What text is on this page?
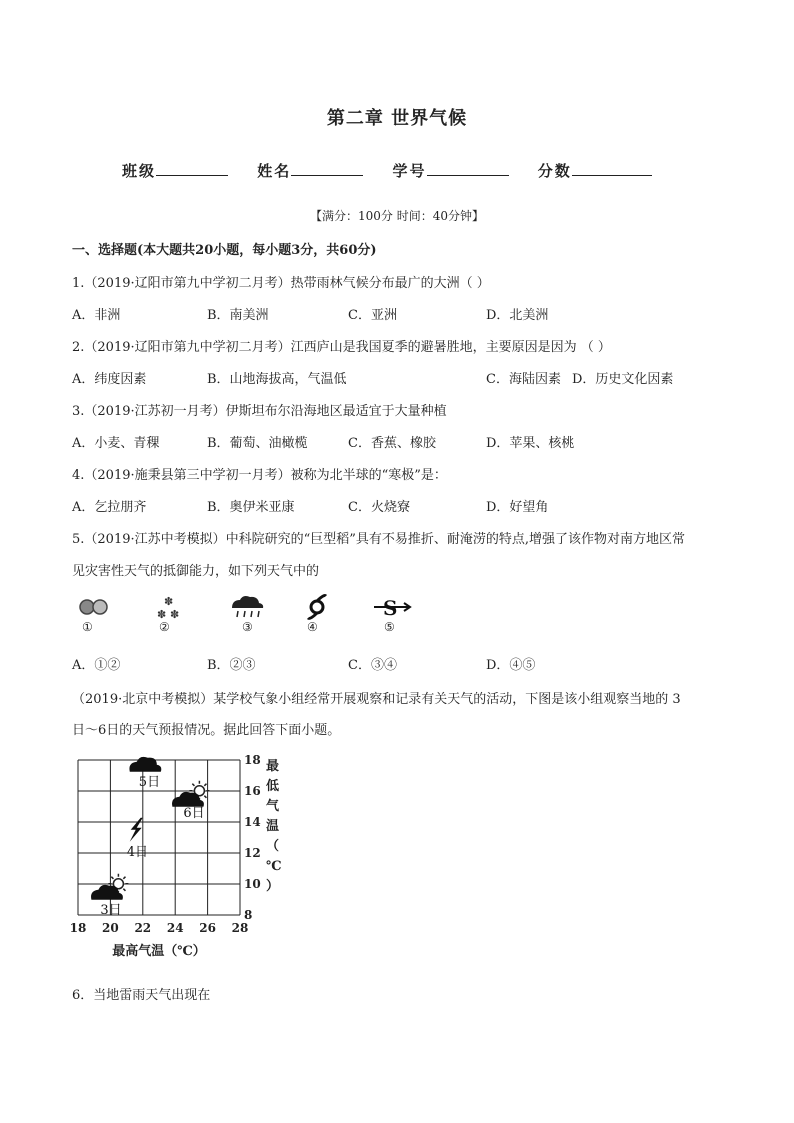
第二章 世界气候
班级	姓名	学号	分数
【满分：100分 时间：40分钟】
一、选择题(本大题共20小题，每小题3分，共60分)
1.（2019·辽阳市第九中学初二月考）热带雨林气候分布最广的大洲（ ）
A．非洲	B．南美洲	C．亚洲	D．北美洲
2.（2019·辽阳市第九中学初二月考）江西庐山是我国夏季的避暑胜地，主要原因是因为 （ ）
A．纬度因素	B．山地海拔高，气温低	C．海陆因素 D．历史文化因素
3.（2019·江苏初一月考）伊斯坦布尔沿海地区最适宜于大量种植
A．小麦、青稞	B．葡萄、油橄榄	C．香蕉、橡胶	D．苹果、核桃
4.（2019·施秉县第三中学初一月考）被称为北半球的“寒极”是：
A．乞拉朋齐	B．奥伊米亚康	C．火烧寮	D．好望角
5.（2019·江苏中考模拟）中科院研究的“巨型稻”具有不易推折、耐淹涝的特点,增强了该作物对南方地区常
见灾害性天气的抵御能力，如下列天气中的
①
✽
✽ ✽
②	③	④
S
⑤
A．①②	B．②③	C．③④	D．④⑤
（2019·北京中考模拟）某学校气象小组经常开展观察和记录有关天气的活动，下图是该小组观察当地的 3
日～6日的天气预报情况。据此回答下面小题。
18 20 22 24 26 28
8
10
12
14
16
18
最高气温（℃）
最低气温（℃）
3日
4日
5日
6日
6．当地雷雨天气出现在
